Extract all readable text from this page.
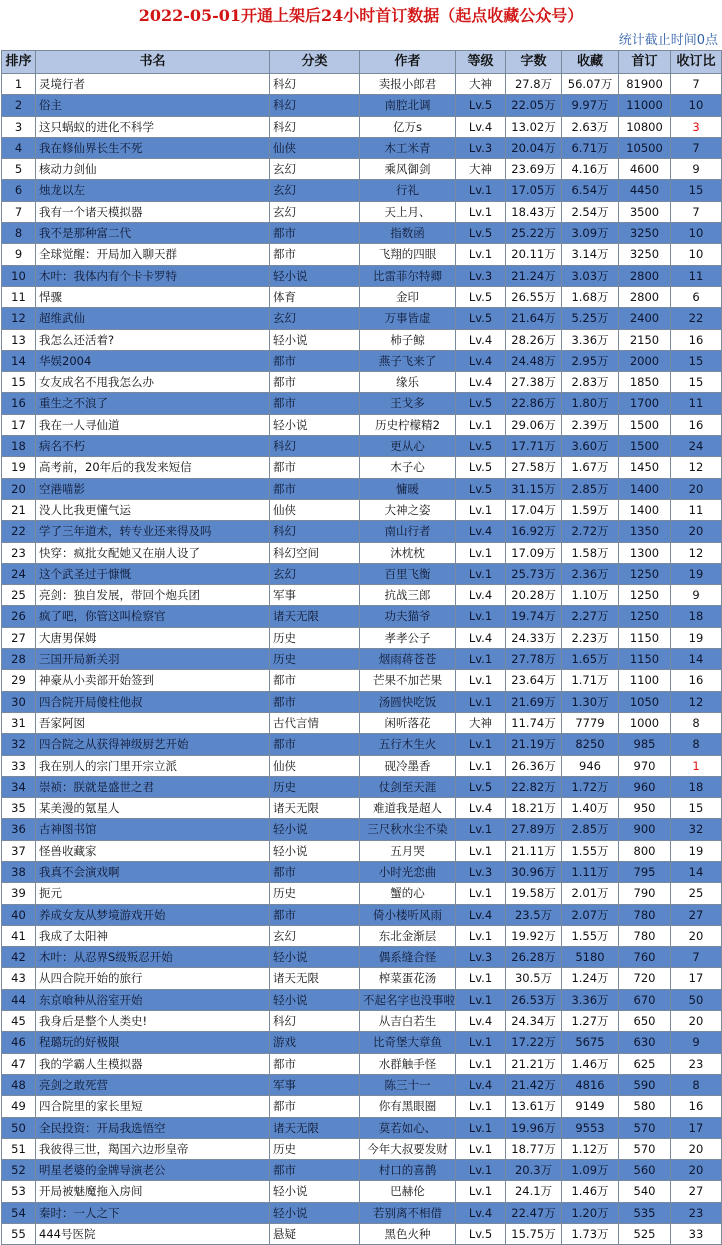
2022-05-01开通上架后24小时首订数据（起点收藏公众号）
统计截止时间0点
排序	书名	分类	作者	等级	字数	收藏	首订	收订比
1	灵境行者	科幻	卖报小郎君	大神	27.8万	56.07万	81900	7
2	俗主	科幻	南腔北调	Lv.5	22.05万	9.97万	11000	10
3	这只蜗蚁的进化不科学	科幻	亿万s	Lv.4	13.02万	2.63万	10800	3
4	我在修仙界长生不死	仙侠	木工米青	Lv.3	20.04万	6.71万	10500	7
5	核动力剑仙	玄幻	乘风御剑	大神	23.69万	4.16万	4600	9
6	烛龙以左	玄幻	行礼	Lv.1	17.05万	6.54万	4450	15
7	我有一个诸天模拟器	玄幻	天上月、	Lv.1	18.43万	2.54万	3500	7
8	我不是那种富二代	都市	指数函	Lv.5	25.22万	3.09万	3250	10
9	全球觉醒：开局加入聊天群	都市	飞翔的四眼	Lv.1	20.11万	3.14万	3250	10
10	木叶：我体内有个卡卡罗特	轻小说	比雷菲尔特卿	Lv.3	21.24万	3.03万	2800	11
11	悍骤	体育	金印	Lv.5	26.55万	1.68万	2800	6
12	超维武仙	玄幻	万事皆虚	Lv.5	21.64万	5.25万	2400	22
13	我怎么还活着?	轻小说	柿子鲸	Lv.4	28.26万	3.36万	2150	16
14	华娱2004	都市	燕子飞来了	Lv.4	24.48万	2.95万	2000	15
15	女友成名不甩我怎么办	都市	缘乐	Lv.4	27.38万	2.83万	1850	15
16	重生之不浪了	都市	王戈多	Lv.5	22.86万	1.80万	1700	11
17	我在一人寻仙道	轻小说	历史柠檬精2	Lv.1	29.06万	2.39万	1500	16
18	病名不朽	科幻	更从心	Lv.5	17.71万	3.60万	1500	24
19	高考前，20年后的我发来短信	都市	木子心	Lv.5	27.58万	1.67万	1450	12
20	空港喵影	都市	慵暖	Lv.5	31.15万	2.85万	1400	20
21	没人比我更懂气运	仙侠	大神之姿	Lv.1	17.04万	1.59万	1400	11
22	学了三年道术，转专业还来得及吗	科幻	南山行者	Lv.4	16.92万	2.72万	1350	20
23	快穿：疯批女配她又在崩人设了	科幻空间	沐枕枕	Lv.1	17.09万	1.58万	1300	12
24	这个武圣过于慷慨	玄幻	百里飞衡	Lv.1	25.73万	2.36万	1250	19
25	亮剑：独自发展，带回个炮兵团	军事	抗战三郎	Lv.4	20.28万	1.10万	1250	9
26	疯了吧，你管这叫检察官	诸天无限	功夫猫爷	Lv.1	19.74万	2.27万	1250	18
27	大唐男保姆	历史	孝孝公子	Lv.4	24.33万	2.23万	1150	19
28	三国开局新关羽	历史	烟雨蒋苍苍	Lv.1	27.78万	1.65万	1150	14
29	神豪从小卖部开始签到	都市	芒果不加芒果	Lv.1	23.64万	1.71万	1100	16
30	四合院开局傻柱他叔	都市	汤圆快吃饭	Lv.1	21.69万	1.30万	1050	12
31	吾家阿囡	古代言情	闲听落花	大神	11.74万	7779	1000	8
32	四合院之从获得神级厨艺开始	都市	五行木生火	Lv.1	21.19万	8250	985	8
33	我在别人的宗门里开宗立派	仙侠	砚冷墨香	Lv.1	26.36万	946	970	1
34	崇祯：朕就是盛世之君	历史	仗剑至天涯	Lv.5	22.82万	1.72万	960	18
35	某美漫的氪星人	诸天无限	难道我是超人	Lv.4	18.21万	1.40万	950	15
36	古神图书馆	轻小说	三尺秋水尘不染	Lv.1	27.89万	2.85万	900	32
37	怪兽收藏家	轻小说	五月哭	Lv.1	21.11万	1.55万	800	19
38	我真不会演戏啊	都市	小时光恋曲	Lv.3	30.96万	1.11万	795	14
39	扼元	历史	蟹的心	Lv.1	19.58万	2.01万	790	25
40	养成女友从梦境游戏开始	都市	倚小楼听风雨	Lv.4	23.5万	2.07万	780	27
41	我成了太阳神	玄幻	东北金渐层	Lv.1	19.92万	1.55万	780	20
42	木叶：从忍界S级叛忍开始	轻小说	偶系缝合怪	Lv.3	26.28万	5180	760	7
43	从四合院开始的旅行	诸天无限	榨菜蛋花汤	Lv.1	30.5万	1.24万	720	17
44	东京喰种从浴室开始	轻小说	不起名字也没事啦	Lv.1	26.53万	3.36万	670	50
45	我身后是整个人类史!	科幻	从吉白若生	Lv.4	24.34万	1.27万	650	20
46	程璐玩的好极限	游戏	比奇堡大章鱼	Lv.1	17.22万	5675	630	9
47	我的学霸人生模拟器	都市	水群触手怪	Lv.1	21.21万	1.46万	625	23
48	亮剑之敢死营	军事	陈三十一	Lv.4	21.42万	4816	590	8
49	四合院里的家长里短	都市	你有黑眼圈	Lv.1	13.61万	9149	580	16
50	全民投资：开局我选悟空	诸天无限	莫若如心、	Lv.1	19.96万	9553	570	17
51	我彼得三世，羯国六边形皇帝	历史	今年大叔要发财	Lv.1	18.77万	1.12万	570	20
52	明星老婆的金牌导演老公	都市	村口的喜鹊	Lv.1	20.3万	1.09万	560	20
53	开局被魅魔拖入房间	轻小说	巴赫伦	Lv.1	24.1万	1.46万	540	27
54	秦时：一人之下	轻小说	若别离不相借	Lv.4	22.47万	1.20万	535	23
55	444号医院	悬疑	黑色火种	Lv.5	15.75万	1.73万	525	33
